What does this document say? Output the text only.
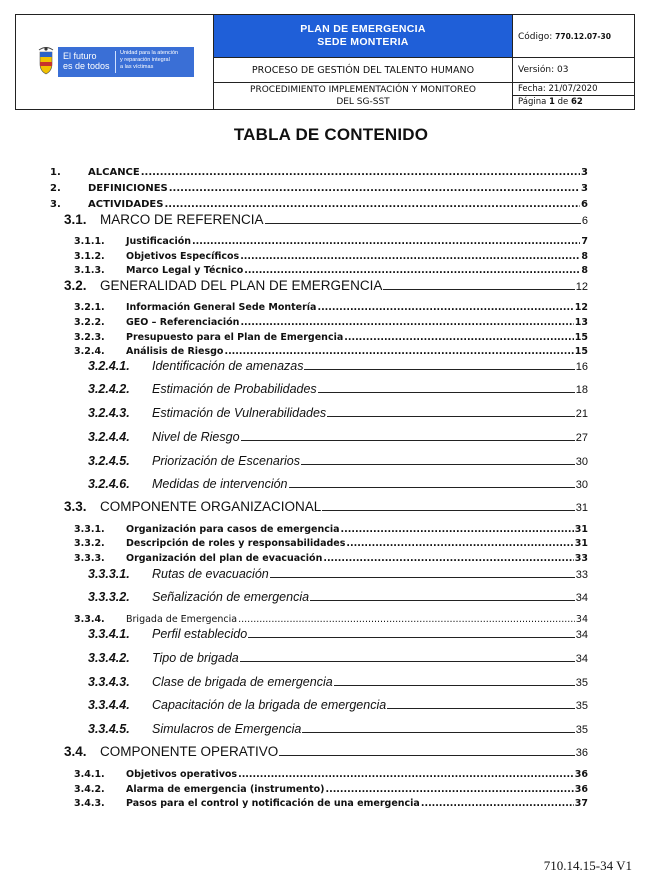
El futuro
es de todos
Unidad para la atención
y reparación integral
a las víctimas
PLAN DE EMERGENCIA
SEDE MONTERIA
PROCESO DE GESTIÓN DEL TALENTO HUMANO
PROCEDIMIENTO IMPLEMENTACIÓN Y MONITOREO
DEL SG-SST
Código: 770.12.07-30
Versión: 03
Fecha: 21/07/2020
Página 1 de 62
TABLA DE CONTENIDO
1.	ALCANCE .....	3
2.	DEFINICIONES .....	3
3.	ACTIVIDADES .....	6
3.1. MARCO DE REFERENCIA	6
3.1.1.	Justificación .....	7
3.1.2.	Objetivos Específicos .....	8
3.1.3.	Marco Legal y Técnico .....	8
3.2. GENERALIDAD DEL PLAN DE EMERGENCIA	12
3.2.1.	Información General Sede Montería .....	12
3.2.2.	GEO – Referenciación .....	13
3.2.3.	Presupuesto para el Plan de Emergencia .....	15
3.2.4.	Análisis de Riesgo .....	15
3.2.4.1.	Identificación de amenazas	16
3.2.4.2.	Estimación de Probabilidades	18
3.2.4.3.	Estimación de Vulnerabilidades	21
3.2.4.4.	Nivel de Riesgo	27
3.2.4.5.	Priorización de Escenarios	30
3.2.4.6.	Medidas de intervención	30
3.3. COMPONENTE ORGANIZACIONAL	31
3.3.1.	Organización para casos de emergencia .....	31
3.3.2.	Descripción de roles y responsabilidades .....	31
3.3.3.	Organización del plan de evacuación .....	33
3.3.3.1.	Rutas de evacuación	33
3.3.3.2.	Señalización de emergencia	34
3.3.4.	Brigada de Emergencia .....	34
3.3.4.1.	Perfil establecido	34
3.3.4.2.	Tipo de brigada	34
3.3.4.3.	Clase de brigada de emergencia	35
3.3.4.4.	Capacitación de la brigada de emergencia	35
3.3.4.5.	Simulacros de Emergencia	35
3.4. COMPONENTE OPERATIVO	36
3.4.1.	Objetivos operativos .....	36
3.4.2.	Alarma de emergencia (instrumento) .....	36
3.4.3.	Pasos para el control y notificación de una emergencia .....	37
710.14.15-34 V1
